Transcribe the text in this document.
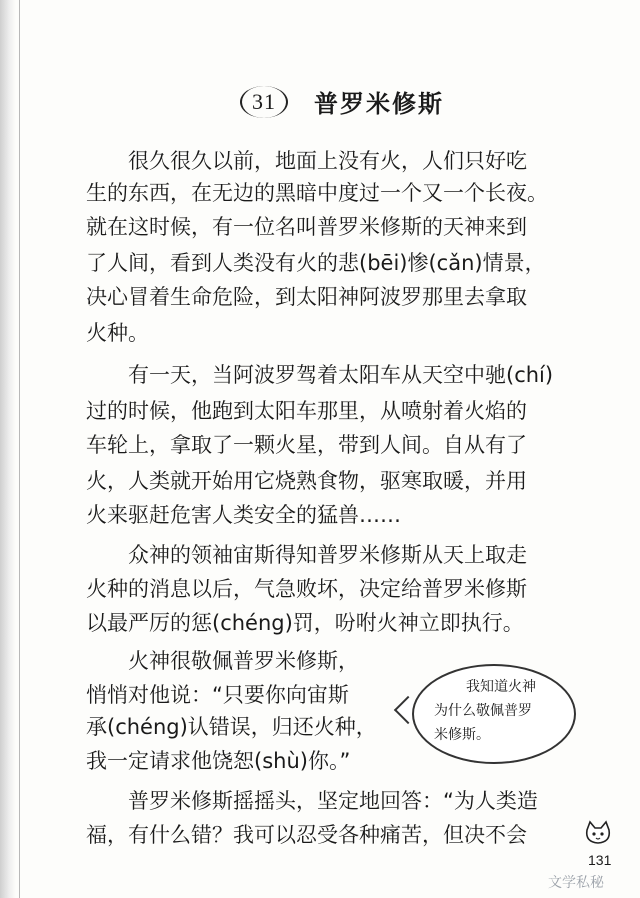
31	普罗米修斯
很久很久以前，地面上没有火，人们只好吃
生的东西，在无边的黑暗中度过一个又一个长夜。
就在这时候，有一位名叫普罗米修斯的天神来到
了人间，看到人类没有火的悲(bēi)惨(cǎn)情景，
决心冒着生命危险，到太阳神阿波罗那里去拿取
火种。
有一天，当阿波罗驾着太阳车从天空中驰(chí)
过的时候，他跑到太阳车那里，从喷射着火焰的
车轮上，拿取了一颗火星，带到人间。自从有了
火，人类就开始用它烧熟食物，驱寒取暖，并用
火来驱赶危害人类安全的猛兽……
众神的领袖宙斯得知普罗米修斯从天上取走
火种的消息以后，气急败坏，决定给普罗米修斯
以最严厉的惩(chéng)罚，吩咐火神立即执行。
火神很敬佩普罗米修斯，
悄悄对他说：“只要你向宙斯
承(chéng)认错误，归还火种，
我一定请求他饶恕(shù)你。”
普罗米修斯摇摇头，坚定地回答：“为人类造
福，有什么错？我可以忍受各种痛苦，但决不会
我知道火神
为什么敬佩普罗
米修斯。
131
文学私秘
